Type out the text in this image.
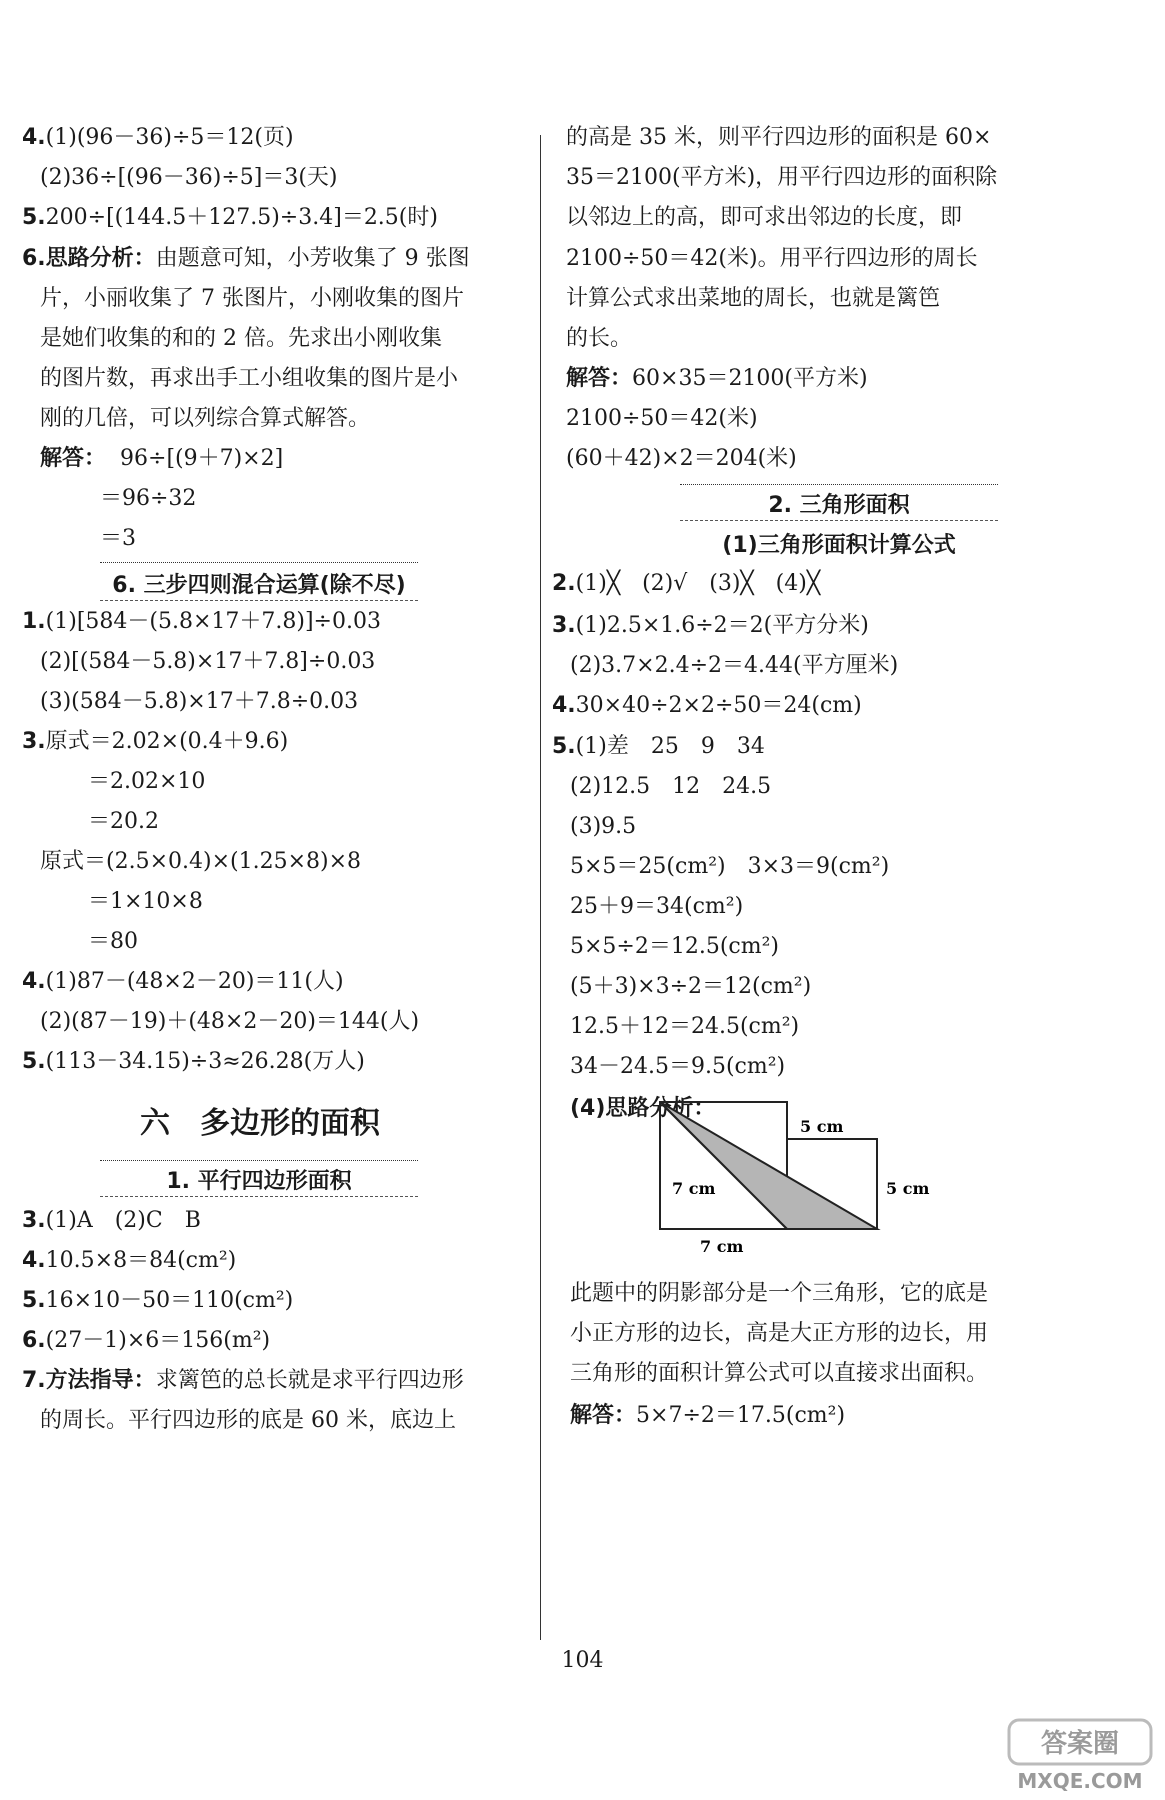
4.(1)(96－36)÷5＝12(页)
(2)36÷[(96－36)÷5]＝3(天)
5.200÷[(144.5＋127.5)÷3.4]＝2.5(时)
6.思路分析：由题意可知，小芳收集了 9 张图
片，小丽收集了 7 张图片，小刚收集的图片
是她们收集的和的 2 倍。先求出小刚收集
的图片数，再求出手工小组收集的图片是小
刚的几倍，可以列综合算式解答。
解答： 96÷[(9＋7)×2]
＝96÷32
＝3
6. 三步四则混合运算(除不尽)
1.(1)[584－(5.8×17＋7.8)]÷0.03
(2)[(584－5.8)×17＋7.8]÷0.03
(3)(584－5.8)×17＋7.8÷0.03
3.原式＝2.02×(0.4＋9.6)
＝2.02×10
＝20.2
原式＝(2.5×0.4)×(1.25×8)×8
＝1×10×8
＝80
4.(1)87－(48×2－20)＝11(人)
(2)(87－19)＋(48×2－20)＝144(人)
5.(113－34.15)÷3≈26.28(万人)
六　多边形的面积
1. 平行四边形面积
3.(1)A　(2)C　B
4.10.5×8＝84(cm²)
5.16×10－50＝110(cm²)
6.(27－1)×6＝156(m²)
7.方法指导：求篱笆的总长就是求平行四边形
的周长。平行四边形的底是 60 米，底边上
的高是 35 米，则平行四边形的面积是 60×
35＝2100(平方米)，用平行四边形的面积除
以邻边上的高，即可求出邻边的长度，即
2100÷50＝42(米)。用平行四边形的周长
计算公式求出菜地的周长，也就是篱笆
的长。
解答：60×35＝2100(平方米)
2100÷50＝42(米)
(60＋42)×2＝204(米)
2. 三角形面积
(1)三角形面积计算公式
2.(1)╳　(2)√　(3)╳　(4)╳
3.(1)2.5×1.6÷2＝2(平方分米)
(2)3.7×2.4÷2＝4.44(平方厘米)
4.30×40÷2×2÷50＝24(cm)
5.(1)差　25　9　34
(2)12.5　12　24.5
(3)9.5
5×5＝25(cm²)　3×3＝9(cm²)
25＋9＝34(cm²)
5×5÷2＝12.5(cm²)
(5＋3)×3÷2＝12(cm²)
12.5＋12＝24.5(cm²)
34－24.5＝9.5(cm²)
(4)思路分析：
5 cm
5 cm
7 cm
7 cm
此题中的阴影部分是一个三角形，它的底是
小正方形的边长，高是大正方形的边长，用
三角形的面积计算公式可以直接求出面积。
解答：5×7÷2＝17.5(cm²)
104
答案圈
MXQE.COM
